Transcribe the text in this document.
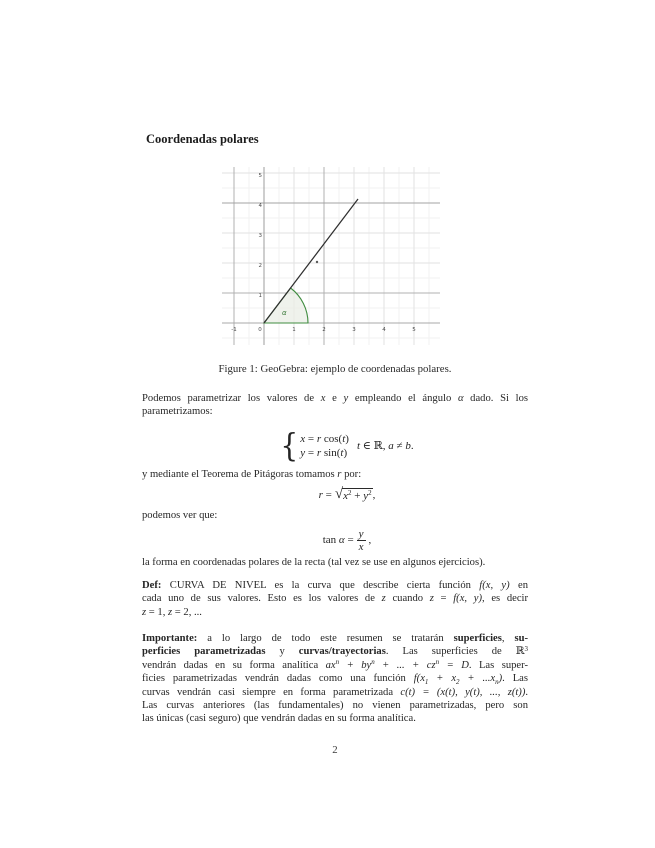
Coordenadas polares
α
-1	0	1	2	3	4	5
5
4
3
2
1
Figure 1: GeoGebra: ejemplo de coordenadas polares.
Podemos parametrizar los valores de x e y empleando el ángulo α dado. Si los
parametrizamos:
{ x = r cos(t)
y = r sin(t)
t ∈ ℝ, a ≠ b.
y mediante el Teorema de Pitágoras tomamos r por:
r = √ $x^2 + y^2$ ,
podemos ver que:
$\tan \alpha = \frac{y}{x}$ ,
la forma en coordenadas polares de la recta (tal vez se use en algunos ejercicios).
Def: CURVA DE NIVEL es la curva que describe cierta función f(x, y) en
cada uno de sus valores. Esto es los valores de z cuando z = f(x, y), es decir
z = 1, z = 2, ...
Importante: a lo largo de todo este resumen se tratarán superficies, su-
perficies parametrizadas y curvas/trayectorias. Las superficies de ℝ$^3$
vendrán dadas en su forma analítica $ax^n + by^n$ + ... + $cz^n = D$. Las super-
ficies parametrizadas vendrán dadas como una función $f(x_1 + x_2 + ...x_n)$. Las
curvas vendrán casi siempre en forma parametrizada c(t) = (x(t), y(t), ..., z(t)).
Las curvas anteriores (las fundamentales) no vienen parametrizadas, pero son
las únicas (casi seguro) que vendrán dadas en su forma analítica.
2
